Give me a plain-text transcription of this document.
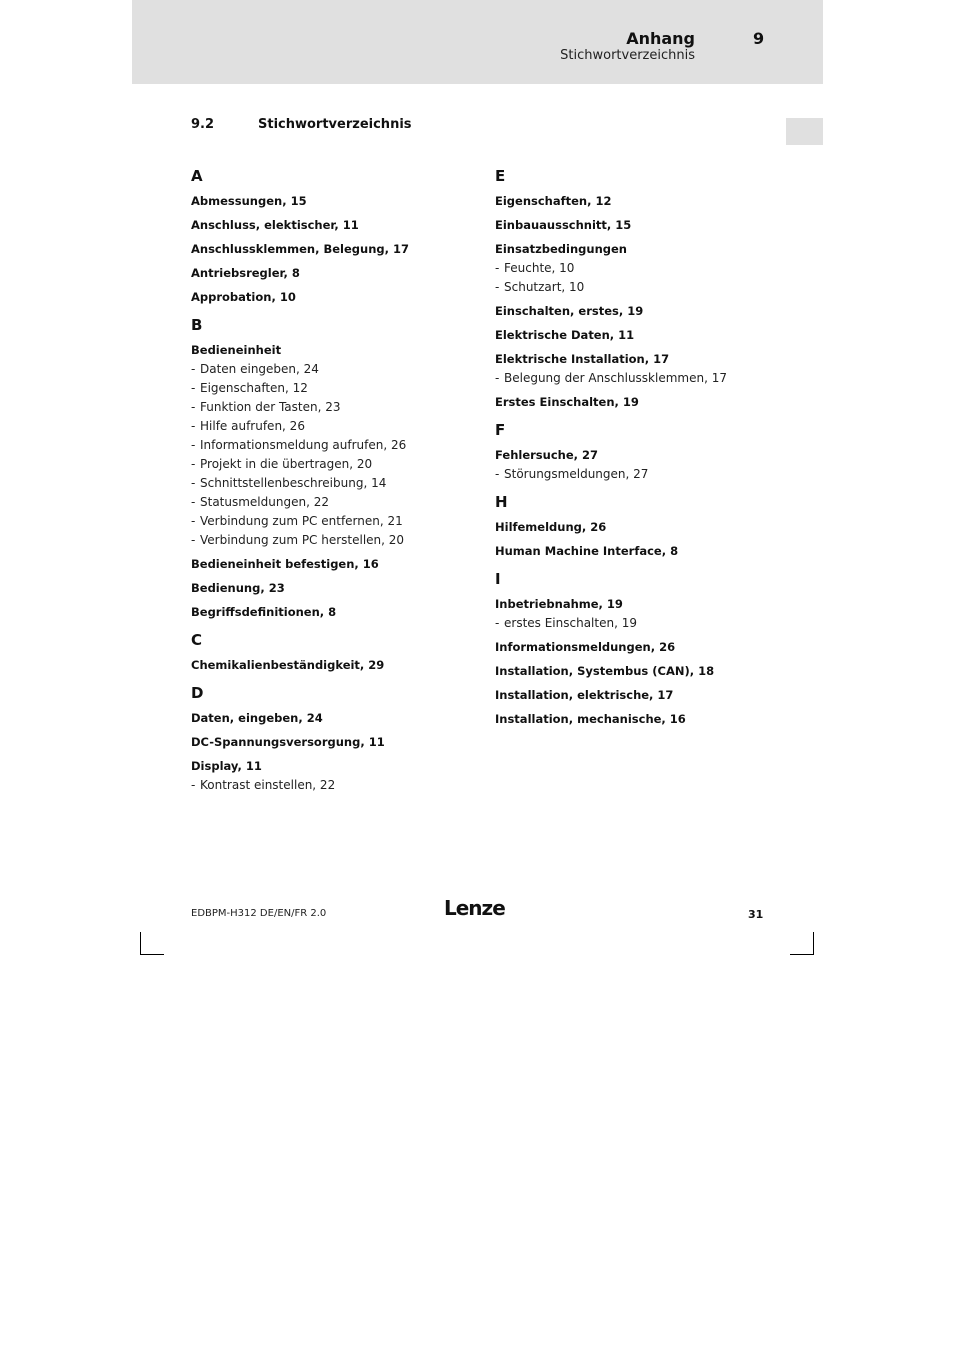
Anhang	9
Stichwortverzeichnis
9.2	Stichwortverzeichnis
A
Abmessungen, 15
Anschluss, elektischer, 11
Anschlussklemmen, Belegung, 17
Antriebsregler, 8
Approbation, 10
B
Bedieneinheit
- Daten eingeben, 24
- Eigenschaften, 12
- Funktion der Tasten, 23
- Hilfe aufrufen, 26
- Informationsmeldung aufrufen, 26
- Projekt in die übertragen, 20
- Schnittstellenbeschreibung, 14
- Statusmeldungen, 22
- Verbindung zum PC entfernen, 21
- Verbindung zum PC herstellen, 20
Bedieneinheit befestigen, 16
Bedienung, 23
Begriffsdefinitionen, 8
C
Chemikalienbeständigkeit, 29
D
Daten, eingeben, 24
DC-Spannungsversorgung, 11
Display, 11
- Kontrast einstellen, 22
E
Eigenschaften, 12
Einbauausschnitt, 15
Einsatzbedingungen
- Feuchte, 10
- Schutzart, 10
Einschalten, erstes, 19
Elektrische Daten, 11
Elektrische Installation, 17
- Belegung der Anschlussklemmen, 17
Erstes Einschalten, 19
F
Fehlersuche, 27
- Störungsmeldungen, 27
H
Hilfemeldung, 26
Human Machine Interface, 8
I
Inbetriebnahme, 19
- erstes Einschalten, 19
Informationsmeldungen, 26
Installation, Systembus (CAN), 18
Installation, elektrische, 17
Installation, mechanische, 16
EDBPM-H312 DE/EN/FR 2.0	Lenze	31
